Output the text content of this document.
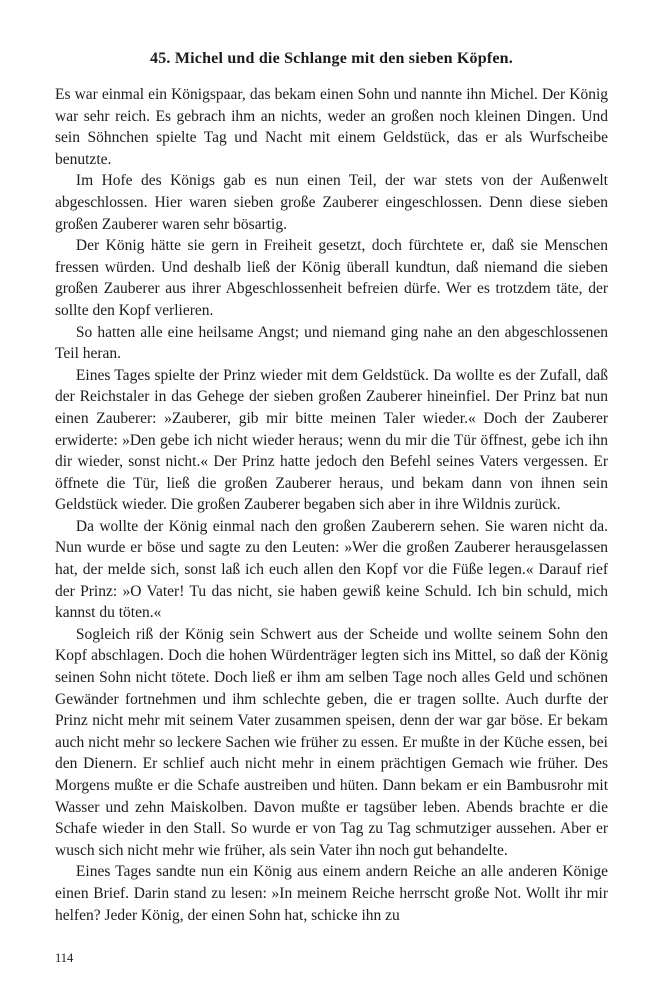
45. Michel und die Schlange mit den sieben Köpfen.

Es war einmal ein Königspaar, das bekam einen Sohn und nannte ihn Michel. Der König war sehr reich. Es gebrach ihm an nichts, weder an großen noch kleinen Dingen. Und sein Söhnchen spielte Tag und Nacht mit einem Geldstück, das er als Wurfscheibe benutzte.

Im Hofe des Königs gab es nun einen Teil, der war stets von der Außenwelt abgeschlossen. Hier waren sieben große Zauberer eingeschlossen. Denn diese sieben großen Zauberer waren sehr bösartig.

Der König hätte sie gern in Freiheit gesetzt, doch fürchtete er, daß sie Menschen fressen würden. Und deshalb ließ der König überall kundtun, daß niemand die sieben großen Zauberer aus ihrer Abgeschlossenheit befreien dürfe. Wer es trotzdem täte, der sollte den Kopf verlieren.

So hatten alle eine heilsame Angst; und niemand ging nahe an den abgeschlossenen Teil heran.

Eines Tages spielte der Prinz wieder mit dem Geldstück. Da wollte es der Zufall, daß der Reichstaler in das Gehege der sieben großen Zauberer hineinfiel. Der Prinz bat nun einen Zauberer: »Zauberer, gib mir bitte meinen Taler wieder.« Doch der Zauberer erwiderte: »Den gebe ich nicht wieder heraus; wenn du mir die Tür öffnest, gebe ich ihn dir wieder, sonst nicht.« Der Prinz hatte jedoch den Befehl seines Vaters vergessen. Er öffnete die Tür, ließ die großen Zauberer heraus, und bekam dann von ihnen sein Geldstück wieder. Die großen Zauberer begaben sich aber in ihre Wildnis zurück.

Da wollte der König einmal nach den großen Zauberern sehen. Sie waren nicht da. Nun wurde er böse und sagte zu den Leuten: »Wer die großen Zauberer herausgelassen hat, der melde sich, sonst laß ich euch allen den Kopf vor die Füße legen.« Darauf rief der Prinz: »O Vater! Tu das nicht, sie haben gewiß keine Schuld. Ich bin schuld, mich kannst du töten.«

Sogleich riß der König sein Schwert aus der Scheide und wollte seinem Sohn den Kopf abschlagen. Doch die hohen Würdenträger legten sich ins Mittel, so daß der König seinen Sohn nicht tötete. Doch ließ er ihm am selben Tage noch alles Geld und schönen Gewänder fortnehmen und ihm schlechte geben, die er tragen sollte. Auch durfte der Prinz nicht mehr mit seinem Vater zusammen speisen, denn der war gar böse. Er bekam auch nicht mehr so leckere Sachen wie früher zu essen. Er mußte in der Küche essen, bei den Dienern. Er schlief auch nicht mehr in einem prächtigen Gemach wie früher. Des Morgens mußte er die Schafe austreiben und hüten. Dann bekam er ein Bambusrohr mit Wasser und zehn Maiskolben. Davon mußte er tagsüber leben. Abends brachte er die Schafe wieder in den Stall. So wurde er von Tag zu Tag schmutziger aussehen. Aber er wusch sich nicht mehr wie früher, als sein Vater ihn noch gut behandelte.

Eines Tages sandte nun ein König aus einem andern Reiche an alle anderen Könige einen Brief. Darin stand zu lesen: »In meinem Reiche herrscht große Not. Wollt ihr mir helfen? Jeder König, der einen Sohn hat, schicke ihn zu

114
